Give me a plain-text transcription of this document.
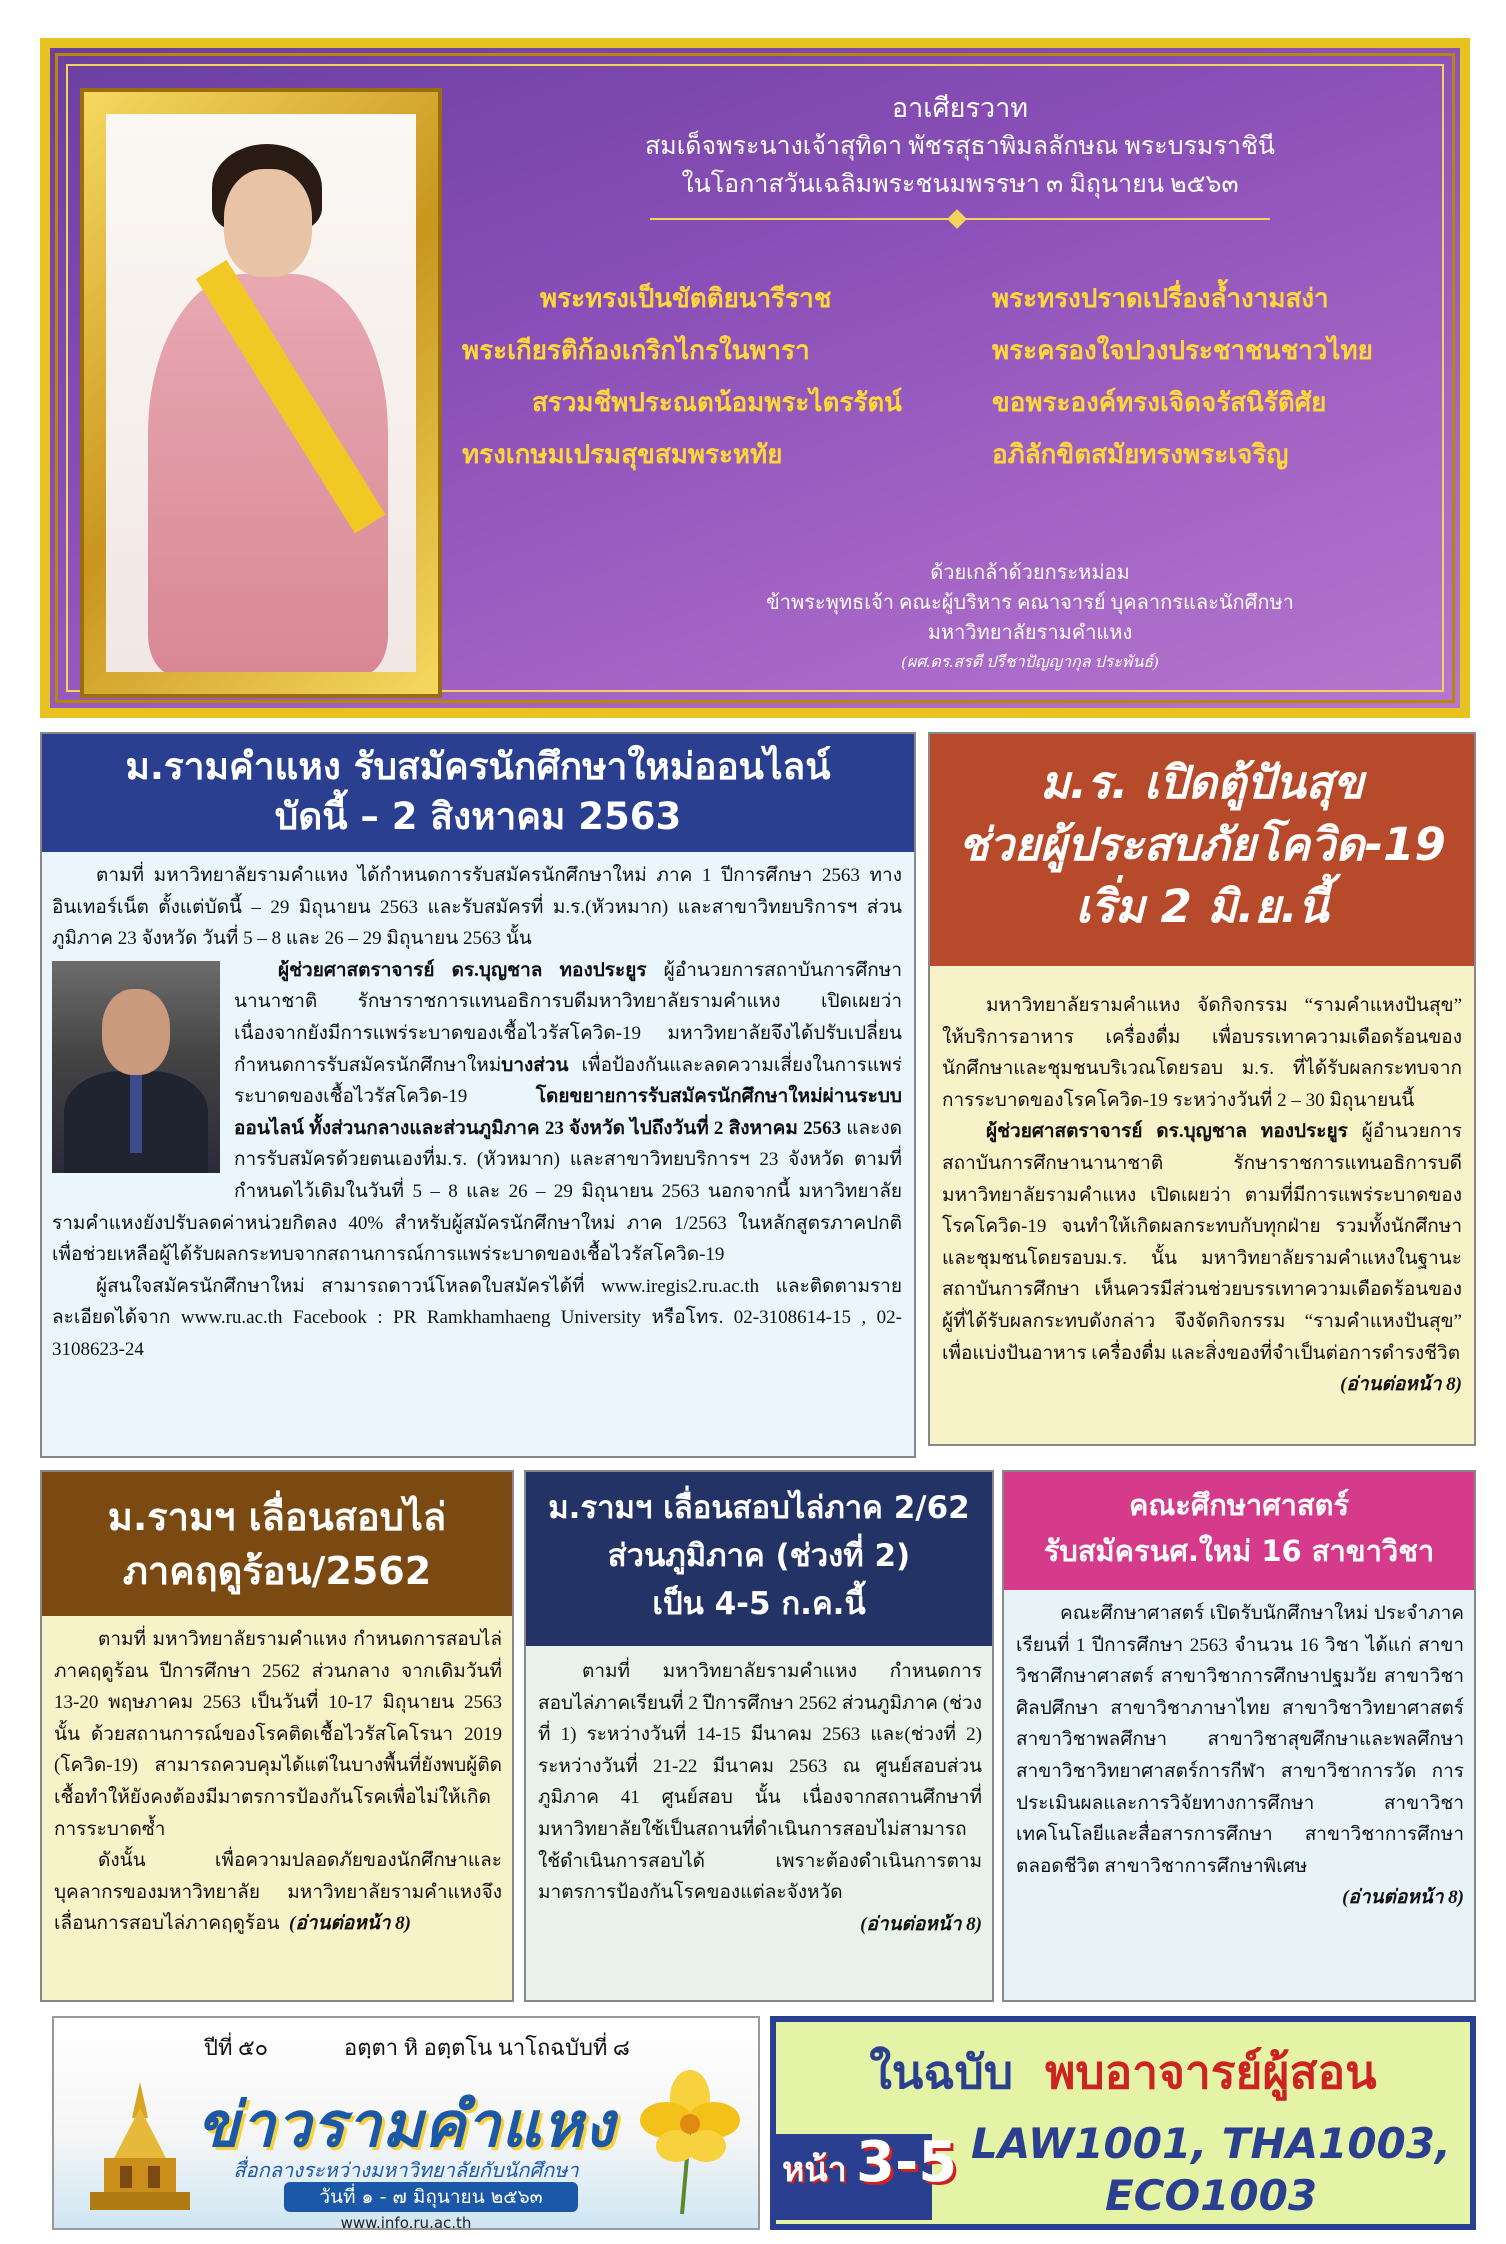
อาเศียรวาท
สมเด็จพระนางเจ้าสุทิดา พัชรสุธาพิมลลักษณ พระบรมราชินี
ในโอกาสวันเฉลิมพระชนมพรรษา ๓ มิถุนายน ๒๕๖๓
พระทรงเป็นขัตติยนารีราช	พระทรงปราดเปรื่องล้ำงามสง่า
พระเกียรติก้องเกริกไกรในพารา	พระครองใจปวงประชาชนชาวไทย
สรวมชีพประณตน้อมพระไตรรัตน์	ขอพระองค์ทรงเจิดจรัสนิรัติศัย
ทรงเกษมเปรมสุขสมพระหทัย	อภิลักขิตสมัยทรงพระเจริญ
ด้วยเกล้าด้วยกระหม่อม
ข้าพระพุทธเจ้า คณะผู้บริหาร คณาจารย์ บุคลากรและนักศึกษา
มหาวิทยาลัยรามคำแหง
(ผศ.ดร.สรตี ปรีชาปัญญากุล ประพันธ์)
ม.รามคำแหง รับสมัครนักศึกษาใหม่ออนไลน์
บัดนี้ – 2 สิงหาคม 2563

ตามที่ มหาวิทยาลัยรามคำแหง ได้กำหนดการรับสมัครนักศึกษาใหม่ ภาค 1 ปีการศึกษา 2563 ทางอินเทอร์เน็ต ตั้งแต่บัดนี้ – 29 มิถุนายน 2563 และรับสมัครที่ ม.ร.(หัวหมาก) และสาขาวิทยบริการฯ ส่วนภูมิภาค 23 จังหวัด วันที่ 5 – 8 และ 26 – 29 มิถุนายน 2563 นั้น

ผู้ช่วยศาสตราจารย์ ดร.บุญชาล ทองประยูร ผู้อำนวยการสถาบันการศึกษานานาชาติ รักษาราชการแทนอธิการบดีมหาวิทยาลัยรามคำแหง เปิดเผยว่า เนื่องจากยังมีการแพร่ระบาดของเชื้อไวรัสโควิด-19 มหาวิทยาลัยจึงได้ปรับเปลี่ยนกำหนดการรับสมัครนักศึกษาใหม่บางส่วน เพื่อป้องกันและลดความเสี่ยงในการแพร่ระบาดของเชื้อไวรัสโควิด-19 โดยขยายการรับสมัครนักศึกษาใหม่ผ่านระบบออนไลน์ ทั้งส่วนกลางและส่วนภูมิภาค 23 จังหวัด ไปถึงวันที่ 2 สิงหาคม 2563 และงดการรับสมัครด้วยตนเองที่ม.ร. (หัวหมาก) และสาขาวิทยบริการฯ 23 จังหวัด ตามที่กำหนดไว้เดิมในวันที่ 5 – 8 และ 26 – 29 มิถุนายน 2563 นอกจากนี้ มหาวิทยาลัยรามคำแหงยังปรับลดค่าหน่วยกิตลง 40% สำหรับผู้สมัครนักศึกษาใหม่ ภาค 1/2563 ในหลักสูตรภาคปกติ เพื่อช่วยเหลือผู้ได้รับผลกระทบจากสถานการณ์การแพร่ระบาดของเชื้อไวรัสโควิด-19

ผู้สนใจสมัครนักศึกษาใหม่ สามารถดาวน์โหลดใบสมัครได้ที่ www.iregis2.ru.ac.th และติดตามรายละเอียดได้จาก www.ru.ac.th Facebook : PR Ramkhamhaeng University หรือโทร. 02-3108614-15 , 02-3108623-24

ม.ร. เปิดตู้ปันสุข
ช่วยผู้ประสบภัยโควิด-19
เริ่ม 2 มิ.ย.นี้

มหาวิทยาลัยรามคำแหง จัดกิจกรรม “รามคำแหงปันสุข” ให้บริการอาหาร เครื่องดื่ม เพื่อบรรเทาความเดือดร้อนของนักศึกษาและชุมชนบริเวณโดยรอบ ม.ร. ที่ได้รับผลกระทบจากการระบาดของโรคโควิด-19 ระหว่างวันที่ 2 – 30 มิถุนายนนี้

ผู้ช่วยศาสตราจารย์ ดร.บุญชาล ทองประยูร ผู้อำนวยการสถาบันการศึกษานานาชาติ รักษาราชการแทนอธิการบดีมหาวิทยาลัยรามคำแหง เปิดเผยว่า ตามที่มีการแพร่ระบาดของโรคโควิด-19 จนทำให้เกิดผลกระทบกับทุกฝ่าย รวมทั้งนักศึกษาและชุมชนโดยรอบม.ร. นั้น มหาวิทยาลัยรามคำแหงในฐานะสถาบันการศึกษา เห็นควรมีส่วนช่วยบรรเทาความเดือดร้อนของผู้ที่ได้รับผลกระทบดังกล่าว จึงจัดกิจกรรม “รามคำแหงปันสุข” เพื่อแบ่งปันอาหาร เครื่องดื่ม และสิ่งของที่จำเป็นต่อการดำรงชีวิต

(อ่านต่อหน้า 8)
ม.รามฯ เลื่อนสอบไล่
ภาคฤดูร้อน/2562

ตามที่ มหาวิทยาลัยรามคำแหง กำหนดการสอบไล่ภาคฤดูร้อน ปีการศึกษา 2562 ส่วนกลาง จากเดิมวันที่ 13-20 พฤษภาคม 2563 เป็นวันที่ 10-17 มิถุนายน 2563 นั้น ด้วยสถานการณ์ของโรคติดเชื้อไวรัสโคโรนา 2019 (โควิด-19) สามารถควบคุมได้แต่ในบางพื้นที่ยังพบผู้ติดเชื้อทำให้ยังคงต้องมีมาตรการป้องกันโรคเพื่อไม่ให้เกิดการระบาดซ้ำ

ดังนั้น เพื่อความปลอดภัยของนักศึกษาและบุคลากรของมหาวิทยาลัย มหาวิทยาลัยรามคำแหงจึงเลื่อนการสอบไล่ภาคฤดูร้อน (อ่านต่อหน้า 8)

ม.รามฯ เลื่อนสอบไล่ภาค 2/62
ส่วนภูมิภาค (ช่วงที่ 2)
เป็น 4-5 ก.ค.นี้

ตามที่ มหาวิทยาลัยรามคำแหง กำหนดการสอบไล่ภาคเรียนที่ 2 ปีการศึกษา 2562 ส่วนภูมิภาค (ช่วงที่ 1) ระหว่างวันที่ 14-15 มีนาคม 2563 และ(ช่วงที่ 2) ระหว่างวันที่ 21-22 มีนาคม 2563 ณ ศูนย์สอบส่วนภูมิภาค 41 ศูนย์สอบ นั้น เนื่องจากสถานศึกษาที่มหาวิทยาลัยใช้เป็นสถานที่ดำเนินการสอบไม่สามารถใช้ดำเนินการสอบได้ เพราะต้องดำเนินการตามมาตรการป้องกันโรคของแต่ละจังหวัด

(อ่านต่อหน้า 8)
คณะศึกษาศาสตร์
รับสมัครนศ.ใหม่ 16 สาขาวิชา

คณะศึกษาศาสตร์ เปิดรับนักศึกษาใหม่ ประจำภาคเรียนที่ 1 ปีการศึกษา 2563 จำนวน 16 วิชา ได้แก่ สาขาวิชาศึกษาศาสตร์ สาขาวิชาการศึกษาปฐมวัย สาขาวิชาศิลปศึกษา สาขาวิชาภาษาไทย สาขาวิชาวิทยาศาสตร์ สาขาวิชาพลศึกษา สาขาวิชาสุขศึกษาและพลศึกษา สาขาวิชาวิทยาศาสตร์การกีฬา สาขาวิชาการวัด การประเมินผลและการวิจัยทางการศึกษา สาขาวิชาเทคโนโลยีและสื่อสารการศึกษา สาขาวิชาการศึกษาตลอดชีวิต สาขาวิชาการศึกษาพิเศษ

(อ่านต่อหน้า 8)
ปีที่ ๕๐	อตฺตา หิ อตฺตโน นาโถ ฉบับที่ ๘
ข่าวรามคำแหง
สื่อกลางระหว่างมหาวิทยาลัยกับนักศึกษา
วันที่ ๑ - ๗ มิถุนายน ๒๕๖๓
www.info.ru.ac.th
ในฉบับ พบอาจารย์ผู้สอน
หน้า 3-5 LAW1001, THA1003,
ECO1003
